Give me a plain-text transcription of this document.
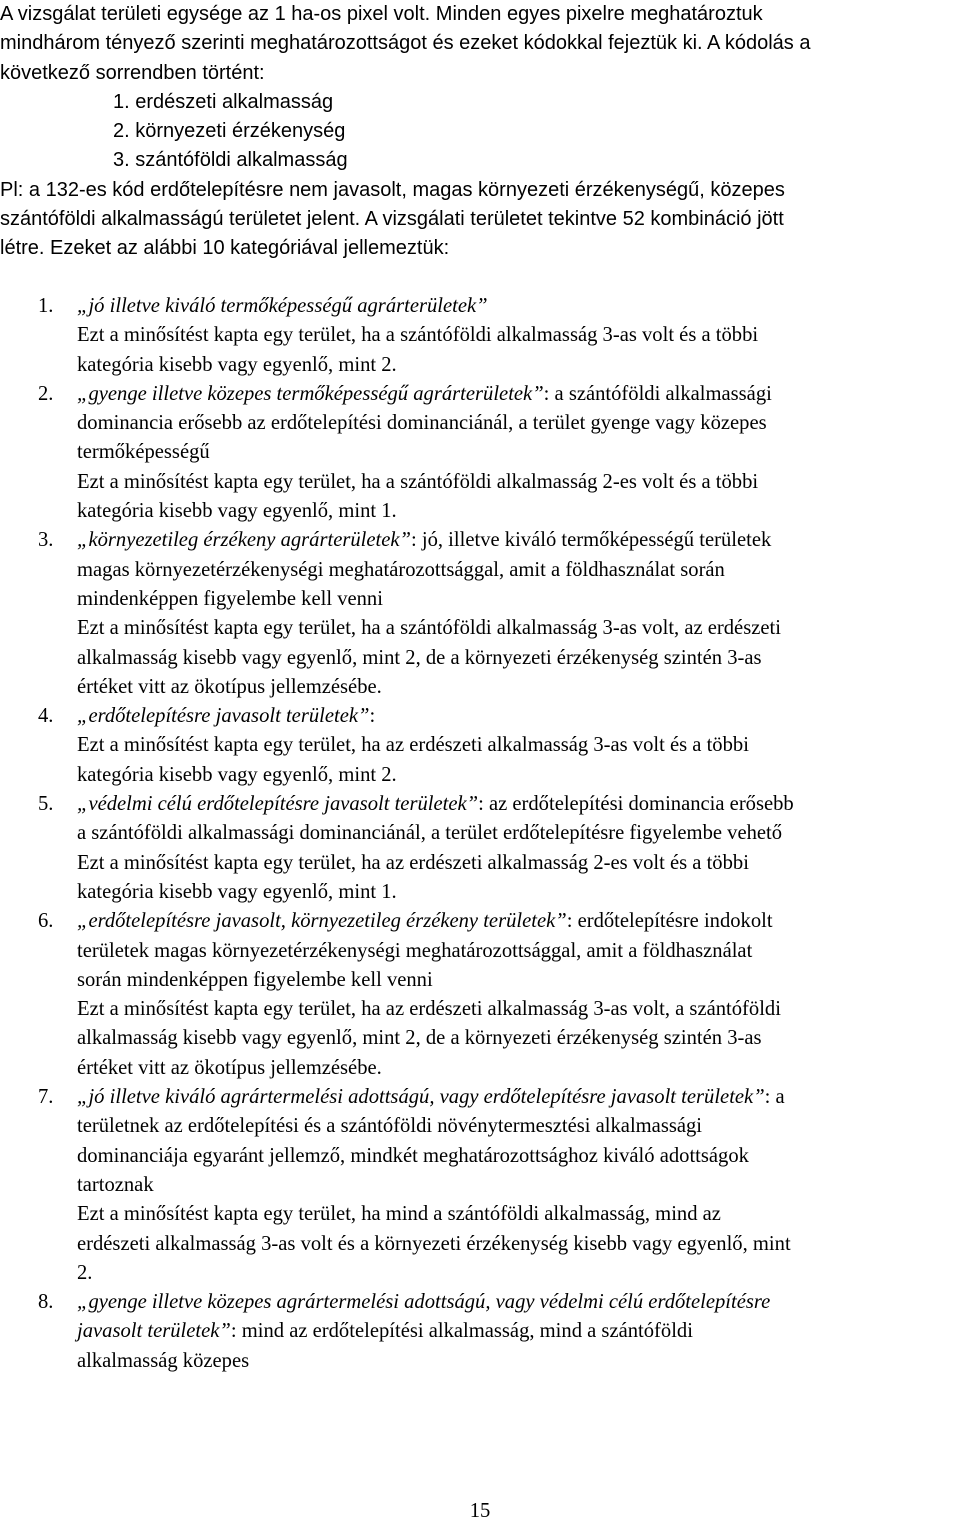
A vizsgálat területi egysége az 1 ha-os pixel volt. Minden egyes pixelre meghatároztuk

mindhárom tényező szerinti meghatározottságot és ezeket kódokkal fejeztük ki. A kódolás a

következő sorrendben történt:

1. erdészeti alkalmasság
2. környezeti érzékenység
3. szántóföldi alkalmasság

Pl: a 132-es kód erdőtelepítésre nem javasolt, magas környezeti érzékenységű, közepes

szántóföldi alkalmasságú területet jelent. A vizsgálati területet tekintve 52 kombináció jött

létre. Ezeket az alábbi 10 kategóriával jellemeztük:

1. „jó illetve kiváló termőképességű agrárterületek”
Ezt a minősítést kapta egy terület, ha a szántóföldi alkalmasság 3-as volt és a többi
kategória kisebb vagy egyenlő, mint 2.
2. „gyenge illetve közepes termőképességű agrárterületek”: a szántóföldi alkalmassági
dominancia erősebb az erdőtelepítési dominanciánál, a terület gyenge vagy közepes
termőképességű
Ezt a minősítést kapta egy terület, ha a szántóföldi alkalmasság 2-es volt és a többi
kategória kisebb vagy egyenlő, mint 1.
3. „környezetileg érzékeny agrárterületek”: jó, illetve kiváló termőképességű területek
magas környezetérzékenységi meghatározottsággal, amit a földhasználat során
mindenképpen figyelembe kell venni
Ezt a minősítést kapta egy terület, ha a szántóföldi alkalmasság 3-as volt, az erdészeti
alkalmasság kisebb vagy egyenlő, mint 2, de a környezeti érzékenység szintén 3-as
értéket vitt az ökotípus jellemzésébe.
4. „erdőtelepítésre javasolt területek”:
Ezt a minősítést kapta egy terület, ha az erdészeti alkalmasság 3-as volt és a többi
kategória kisebb vagy egyenlő, mint 2.
5. „védelmi célú erdőtelepítésre javasolt területek”: az erdőtelepítési dominancia erősebb
a szántóföldi alkalmassági dominanciánál, a terület erdőtelepítésre figyelembe vehető
Ezt a minősítést kapta egy terület, ha az erdészeti alkalmasság 2-es volt és a többi
kategória kisebb vagy egyenlő, mint 1.
6. „erdőtelepítésre javasolt, környezetileg érzékeny területek”: erdőtelepítésre indokolt
területek magas környezetérzékenységi meghatározottsággal, amit a földhasználat
során mindenképpen figyelembe kell venni
Ezt a minősítést kapta egy terület, ha az erdészeti alkalmasság 3-as volt, a szántóföldi
alkalmasság kisebb vagy egyenlő, mint 2, de a környezeti érzékenység szintén 3-as
értéket vitt az ökotípus jellemzésébe.
7. „jó illetve kiváló agrártermelési adottságú, vagy erdőtelepítésre javasolt területek”: a
területnek az erdőtelepítési és a szántóföldi növénytermesztési alkalmassági
dominanciája egyaránt jellemző, mindkét meghatározottsághoz kiváló adottságok
tartoznak
Ezt a minősítést kapta egy terület, ha mind a szántóföldi alkalmasság, mind az
erdészeti alkalmasság 3-as volt és a környezeti érzékenység kisebb vagy egyenlő, mint
2.
8. „gyenge illetve közepes agrártermelési adottságú, vagy védelmi célú erdőtelepítésre
javasolt területek”: mind az erdőtelepítési alkalmasság, mind a szántóföldi
alkalmasság közepes
15
